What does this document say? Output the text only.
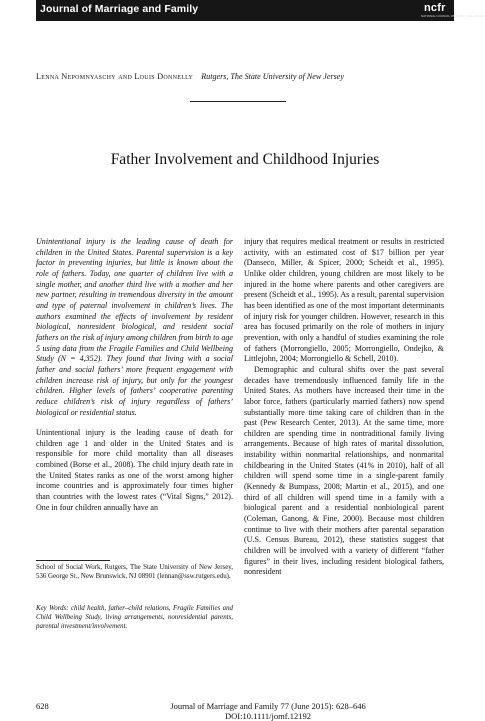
Journal of Marriage and Family	ncfr
NATIONAL COUNCIL ON FAMILY RELATIONS
Lenna Nepomnyaschy and Louis Donnelly Rutgers, The State University of New Jersey
Father Involvement and Childhood Injuries

Unintentional injury is the leading cause of death for children in the United States. Parental supervision is a key factor in preventing injuries, but little is known about the role of fathers. Today, one quarter of children live with a single mother, and another third live with a mother and her new partner, resulting in tremendous diversity in the amount and type of paternal involvement in children’s lives. The authors examined the effects of involvement by resident biological, nonresident biological, and resident social fathers on the risk of injury among children from birth to age 5 using data from the Fragile Families and Child Wellbeing Study (N = 4,352). They found that living with a social father and social fathers’ more frequent engagement with children increase risk of injury, but only for the youngest children. Higher levels of fathers’ cooperative parenting reduce children’s risk of injury regardless of fathers’ biological or residential status.

Unintentional injury is the leading cause of death for children age 1 and older in the United States and is responsible for more child mortality than all diseases combined (Borse et al., 2008). The child injury death rate in the United States ranks as one of the worst among higher income countries and is approximately four times higher than countries with the lowest rates (“Vital Signs,” 2012). One in four children annually have an

injury that requires medical treatment or results in restricted activity, with an estimated cost of $17 billion per year (Danseco, Miller, & Spicer, 2000; Scheidt et al., 1995). Unlike older children, young children are most likely to be injured in the home where parents and other caregivers are present (Scheidt et al., 1995). As a result, parental supervision has been identified as one of the most important determinants of injury risk for younger children. However, research in this area has focused primarily on the role of mothers in injury prevention, with only a handful of studies examining the role of fathers (Morrongiello, 2005; Morrongiello, Ondejko, & Littlejohn, 2004; Morrongiello & Schell, 2010).

Demographic and cultural shifts over the past several decades have tremendously influenced family life in the United States. As mothers have increased their time in the labor force, fathers (particularly married fathers) now spend substantially more time taking care of children than in the past (Pew Research Center, 2013). At the same time, more children are spending time in nontraditional family living arrangements. Because of high rates of marital dissolution, instability within nonmarital relationships, and nonmarital childbearing in the United States (41% in 2010), half of all children will spend some time in a single-parent family (Kennedy & Bumpass, 2008; Martin et al., 2015), and one third of all children will spend time in a family with a biological parent and a residential nonbiological parent (Coleman, Ganong, & Fine, 2000). Because most children continue to live with their mothers after parental separation (U.S. Census Bureau, 2012), these statistics suggest that children will be involved with a variety of different “father figures” in their lives, including resident biological fathers, nonresident

School of Social Work, Rutgers, The State University of New Jersey, 536 George St., New Brunswick, NJ 08901 (lennan@ssw.rutgers.edu).
Key Words: child health, father–child relations, Fragile Families and Child Wellbeing Study, living arrangements, nonresidential parents, parental investment/involvement.
628	Journal of Marriage and Family 77 (June 2015): 628–646
DOI:10.1111/jomf.12192
